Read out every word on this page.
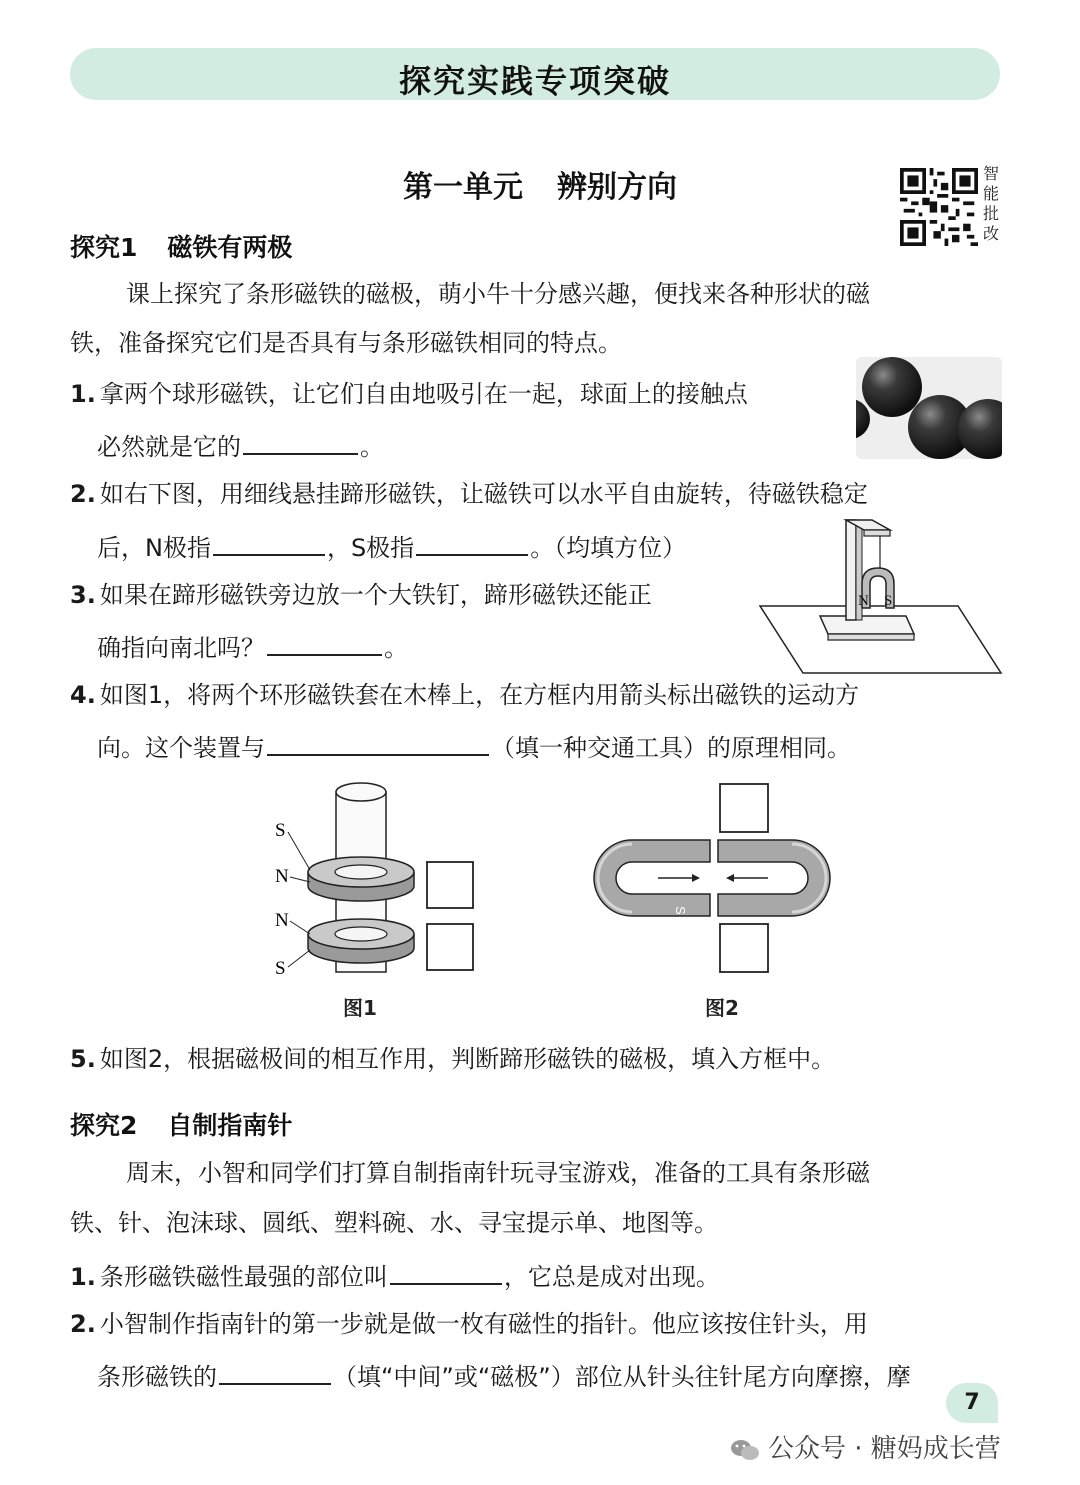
探究实践专项突破
第一单元 辨别方向	智能批改
探究1 磁铁有两极
课上探究了条形磁铁的磁极，萌小牛十分感兴趣，便找来各种形状的磁
铁，准备探究它们是否具有与条形磁铁相同的特点。
1. 拿两个球形磁铁，让它们自由地吸引在一起，球面上的接触点
必然就是它的	。
2. 如右下图，用细线悬挂蹄形磁铁，让磁铁可以水平自由旋转，待磁铁稳定
后，N极指	，S极指	。（均填方位）
N S
3. 如果在蹄形磁铁旁边放一个大铁钉，蹄形磁铁还能正
确指向南北吗？	。
4. 如图1，将两个环形磁铁套在木棒上，在方框内用箭头标出磁铁的运动方
向。这个装置与	（填一种交通工具）的原理相同。
S
N
N
S
图1
S
图2
5. 如图2，根据磁极间的相互作用，判断蹄形磁铁的磁极，填入方框中。
探究2 自制指南针
周末，小智和同学们打算自制指南针玩寻宝游戏，准备的工具有条形磁
铁、针、泡沫球、圆纸、塑料碗、水、寻宝提示单、地图等。
1. 条形磁铁磁性最强的部位叫	，它总是成对出现。
2. 小智制作指南针的第一步就是做一枚有磁性的指针。他应该按住针头，用
条形磁铁的	（填“中间”或“磁极”）部位从针头往针尾方向摩擦，摩
7
公众号 · 糖妈成长营
